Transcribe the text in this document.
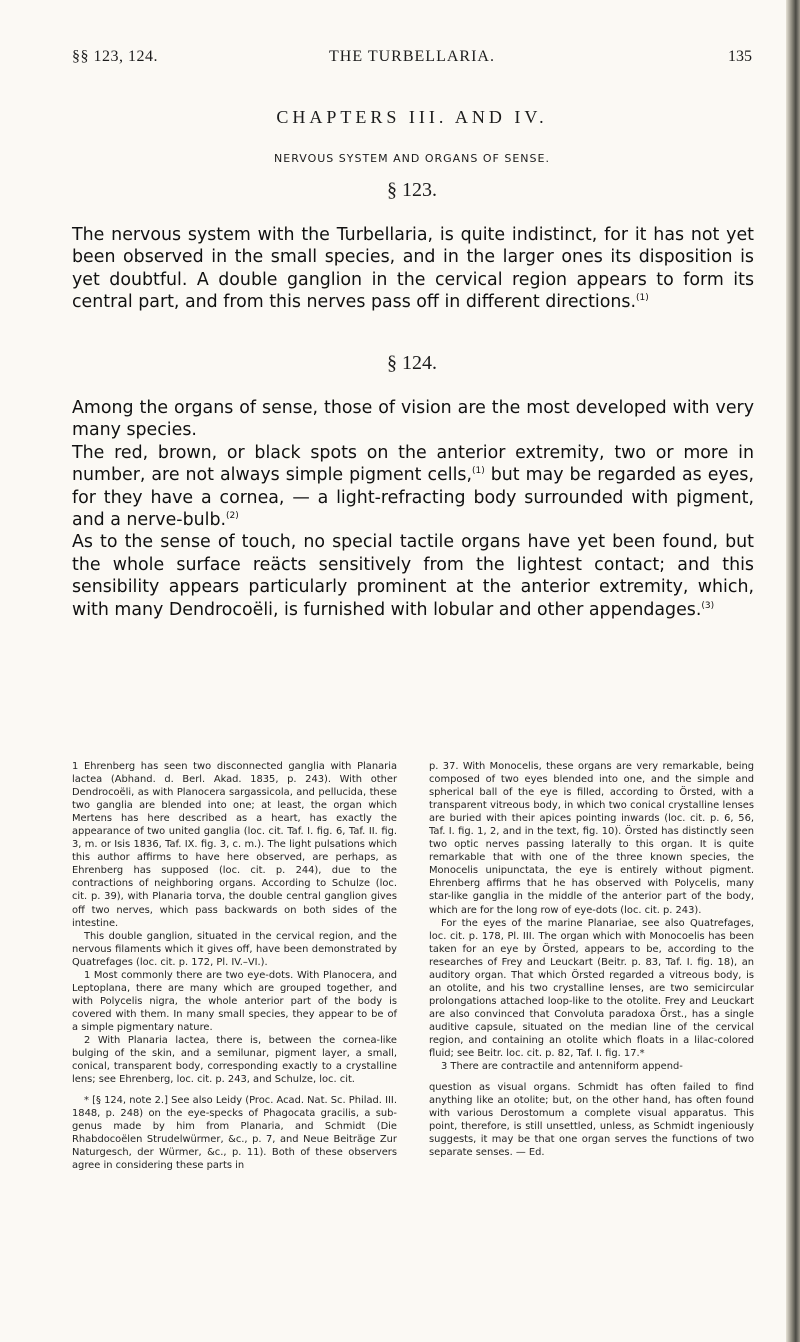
§§ 123, 124.	THE TURBELLARIA.	135
CHAPTERS III. AND IV.
NERVOUS SYSTEM AND ORGANS OF SENSE.
§ 123.

The nervous system with the Turbellaria, is quite indistinct, for it has not yet been observed in the small species, and in the larger ones its disposition is yet doubtful. A double ganglion in the cervical region appears to form its central part, and from this nerves pass off in different directions.$^{(1)}$

§ 124.

Among the organs of sense, those of vision are the most developed with very many species.

The red, brown, or black spots on the anterior extremity, two or more in number, are not always simple pigment cells,$^{(1)}$ but may be regarded as eyes, for they have a cornea, — a light-refracting body surrounded with pigment, and a nerve-bulb.$^{(2)}$

As to the sense of touch, no special tactile organs have yet been found, but the whole surface reäcts sensitively from the lightest contact; and this sensibility appears particularly prominent at the anterior extremity, which, with many Dendrocoëli, is furnished with lobular and other appendages.$^{(3)}$

1 Ehrenberg has seen two disconnected ganglia with Planaria lactea (Abhand. d. Berl. Akad. 1835, p. 243). With other Dendrocoëli, as with Planocera sargassicola, and pellucida, these two ganglia are blended into one; at least, the organ which Mertens has here described as a heart, has exactly the appearance of two united ganglia (loc. cit. Taf. I. fig. 6, Taf. II. fig. 3, m. or Isis 1836, Taf. IX. fig. 3, c. m.). The light pulsations which this author affirms to have here observed, are perhaps, as Ehrenberg has supposed (loc. cit. p. 244), due to the contractions of neighboring organs. According to Schulze (loc. cit. p. 39), with Planaria torva, the double central ganglion gives off two nerves, which pass backwards on both sides of the intestine.

This double ganglion, situated in the cervical region, and the nervous filaments which it gives off, have been demonstrated by Quatrefages (loc. cit. p. 172, Pl. IV.–VI.).

1 Most commonly there are two eye-dots. With Planocera, and Leptoplana, there are many which are grouped together, and with Polycelis nigra, the whole anterior part of the body is covered with them. In many small species, they appear to be of a simple pigmentary nature.

2 With Planaria lactea, there is, between the cornea-like bulging of the skin, and a semilunar, pigment layer, a small, conical, transparent body, corresponding exactly to a crystalline lens; see Ehrenberg, loc. cit. p. 243, and Schulze, loc. cit.

* [§ 124, note 2.] See also Leidy (Proc. Acad. Nat. Sc. Philad. III. 1848, p. 248) on the eye-specks of Phagocata gracilis, a sub-genus made by him from Planaria, and Schmidt (Die Rhabdocoëlen Strudelwürmer, &c., p. 7, and Neue Beiträge Zur Naturgesch, der Würmer, &c., p. 11). Both of these observers agree in considering these parts in

p. 37. With Monocelis, these organs are very remarkable, being composed of two eyes blended into one, and the simple and spherical ball of the eye is filled, according to Örsted, with a transparent vitreous body, in which two conical crystalline lenses are buried with their apices pointing inwards (loc. cit. p. 6, 56, Taf. I. fig. 1, 2, and in the text, fig. 10). Örsted has distinctly seen two optic nerves passing laterally to this organ. It is quite remarkable that with one of the three known species, the Monocelis unipunctata, the eye is entirely without pigment. Ehrenberg affirms that he has observed with Polycelis, many star-like ganglia in the middle of the anterior part of the body, which are for the long row of eye-dots (loc. cit. p. 243).

For the eyes of the marine Planariae, see also Quatrefages, loc. cit. p. 178, Pl. III. The organ which with Monocoelis has been taken for an eye by Örsted, appears to be, according to the researches of Frey and Leuckart (Beitr. p. 83, Taf. I. fig. 18), an auditory organ. That which Örsted regarded a vitreous body, is an otolite, and his two crystalline lenses, are two semicircular prolongations attached loop-like to the otolite. Frey and Leuckart are also convinced that Convoluta paradoxa Örst., has a single auditive capsule, situated on the median line of the cervical region, and containing an otolite which floats in a lilac-colored fluid; see Beitr. loc. cit. p. 82, Taf. I. fig. 17.*

3 There are contractile and antenniform append-

question as visual organs. Schmidt has often failed to find anything like an otolite; but, on the other hand, has often found with various Derostomum a complete visual apparatus. This point, therefore, is still unsettled, unless, as Schmidt ingeniously suggests, it may be that one organ serves the functions of two separate senses. — Ed.
